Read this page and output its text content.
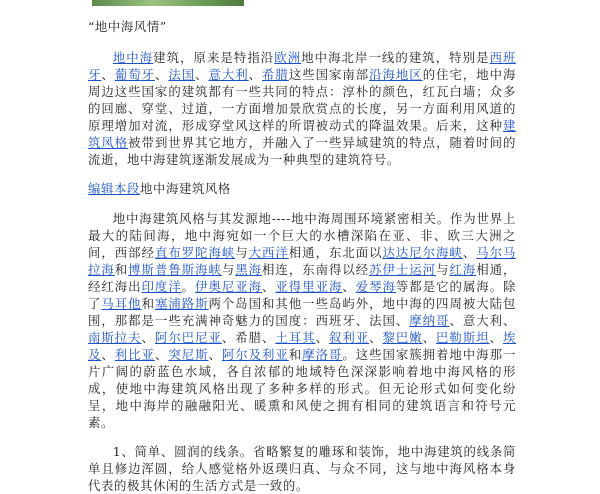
“地中海风情”

地中海建筑，原来是特指沿欧洲地中海北岸一线的建筑，特别是西班牙、葡萄牙、法国、意大利、希腊这些国家南部沿海地区的住宅，地中海周边这些国家的建筑都有一些共同的特点：淳朴的颜色，红瓦白墙；众多的回廊、穿堂、过道，一方面增加景欣赏点的长度，另一方面利用风道的原理增加对流，形成穿堂风这样的所谓被动式的降温效果。后来，这种建筑风格被带到世界其它地方，并融入了一些异域建筑的特点，随着时间的流逝，地中海建筑逐渐发展成为一种典型的建筑符号。

编辑本段地中海建筑风格

地中海建筑风格与其发源地----地中海周围环境紧密相关。作为世界上最大的陆间海，地中海宛如一个巨大的水槽深陷在亚、非、欧三大洲之间，西部经直布罗陀海峡与大西洋相通，东北面以达达尼尔海峡、马尔马拉海和博斯普鲁斯海峡与黑海相连，东南得以经苏伊士运河与红海相通，经红海出印度洋。伊奥尼亚海、亚得里亚海、爱琴海等都是它的属海。除了马耳他和塞浦路斯两个岛国和其他一些岛屿外，地中海的四周被大陆包围，那都是一些充满神奇魅力的国度：西班牙、法国、摩纳哥、意大利、南斯拉夫、阿尔巴尼亚、希腊、土耳其、叙利亚、黎巴嫩、巴勒斯坦、埃及、利比亚、突尼斯、阿尔及利亚和摩洛哥。这些国家簇拥着地中海那一片广阔的蔚蓝色水域，各自浓郁的地域特色深深影响着地中海风格的形成，使地中海建筑风格出现了多种多样的形式。但无论形式如何变化纷呈，地中海岸的融融阳光、暖熏和风使之拥有相同的建筑语言和符号元素。

1、简单、圆润的线条。省略繁复的雕琢和装饰，地中海建筑的线条简单且修边浑圆，给人感觉格外返璞归真、与众不同，这与地中海风格本身代表的极其休闲的生活方式是一致的。
